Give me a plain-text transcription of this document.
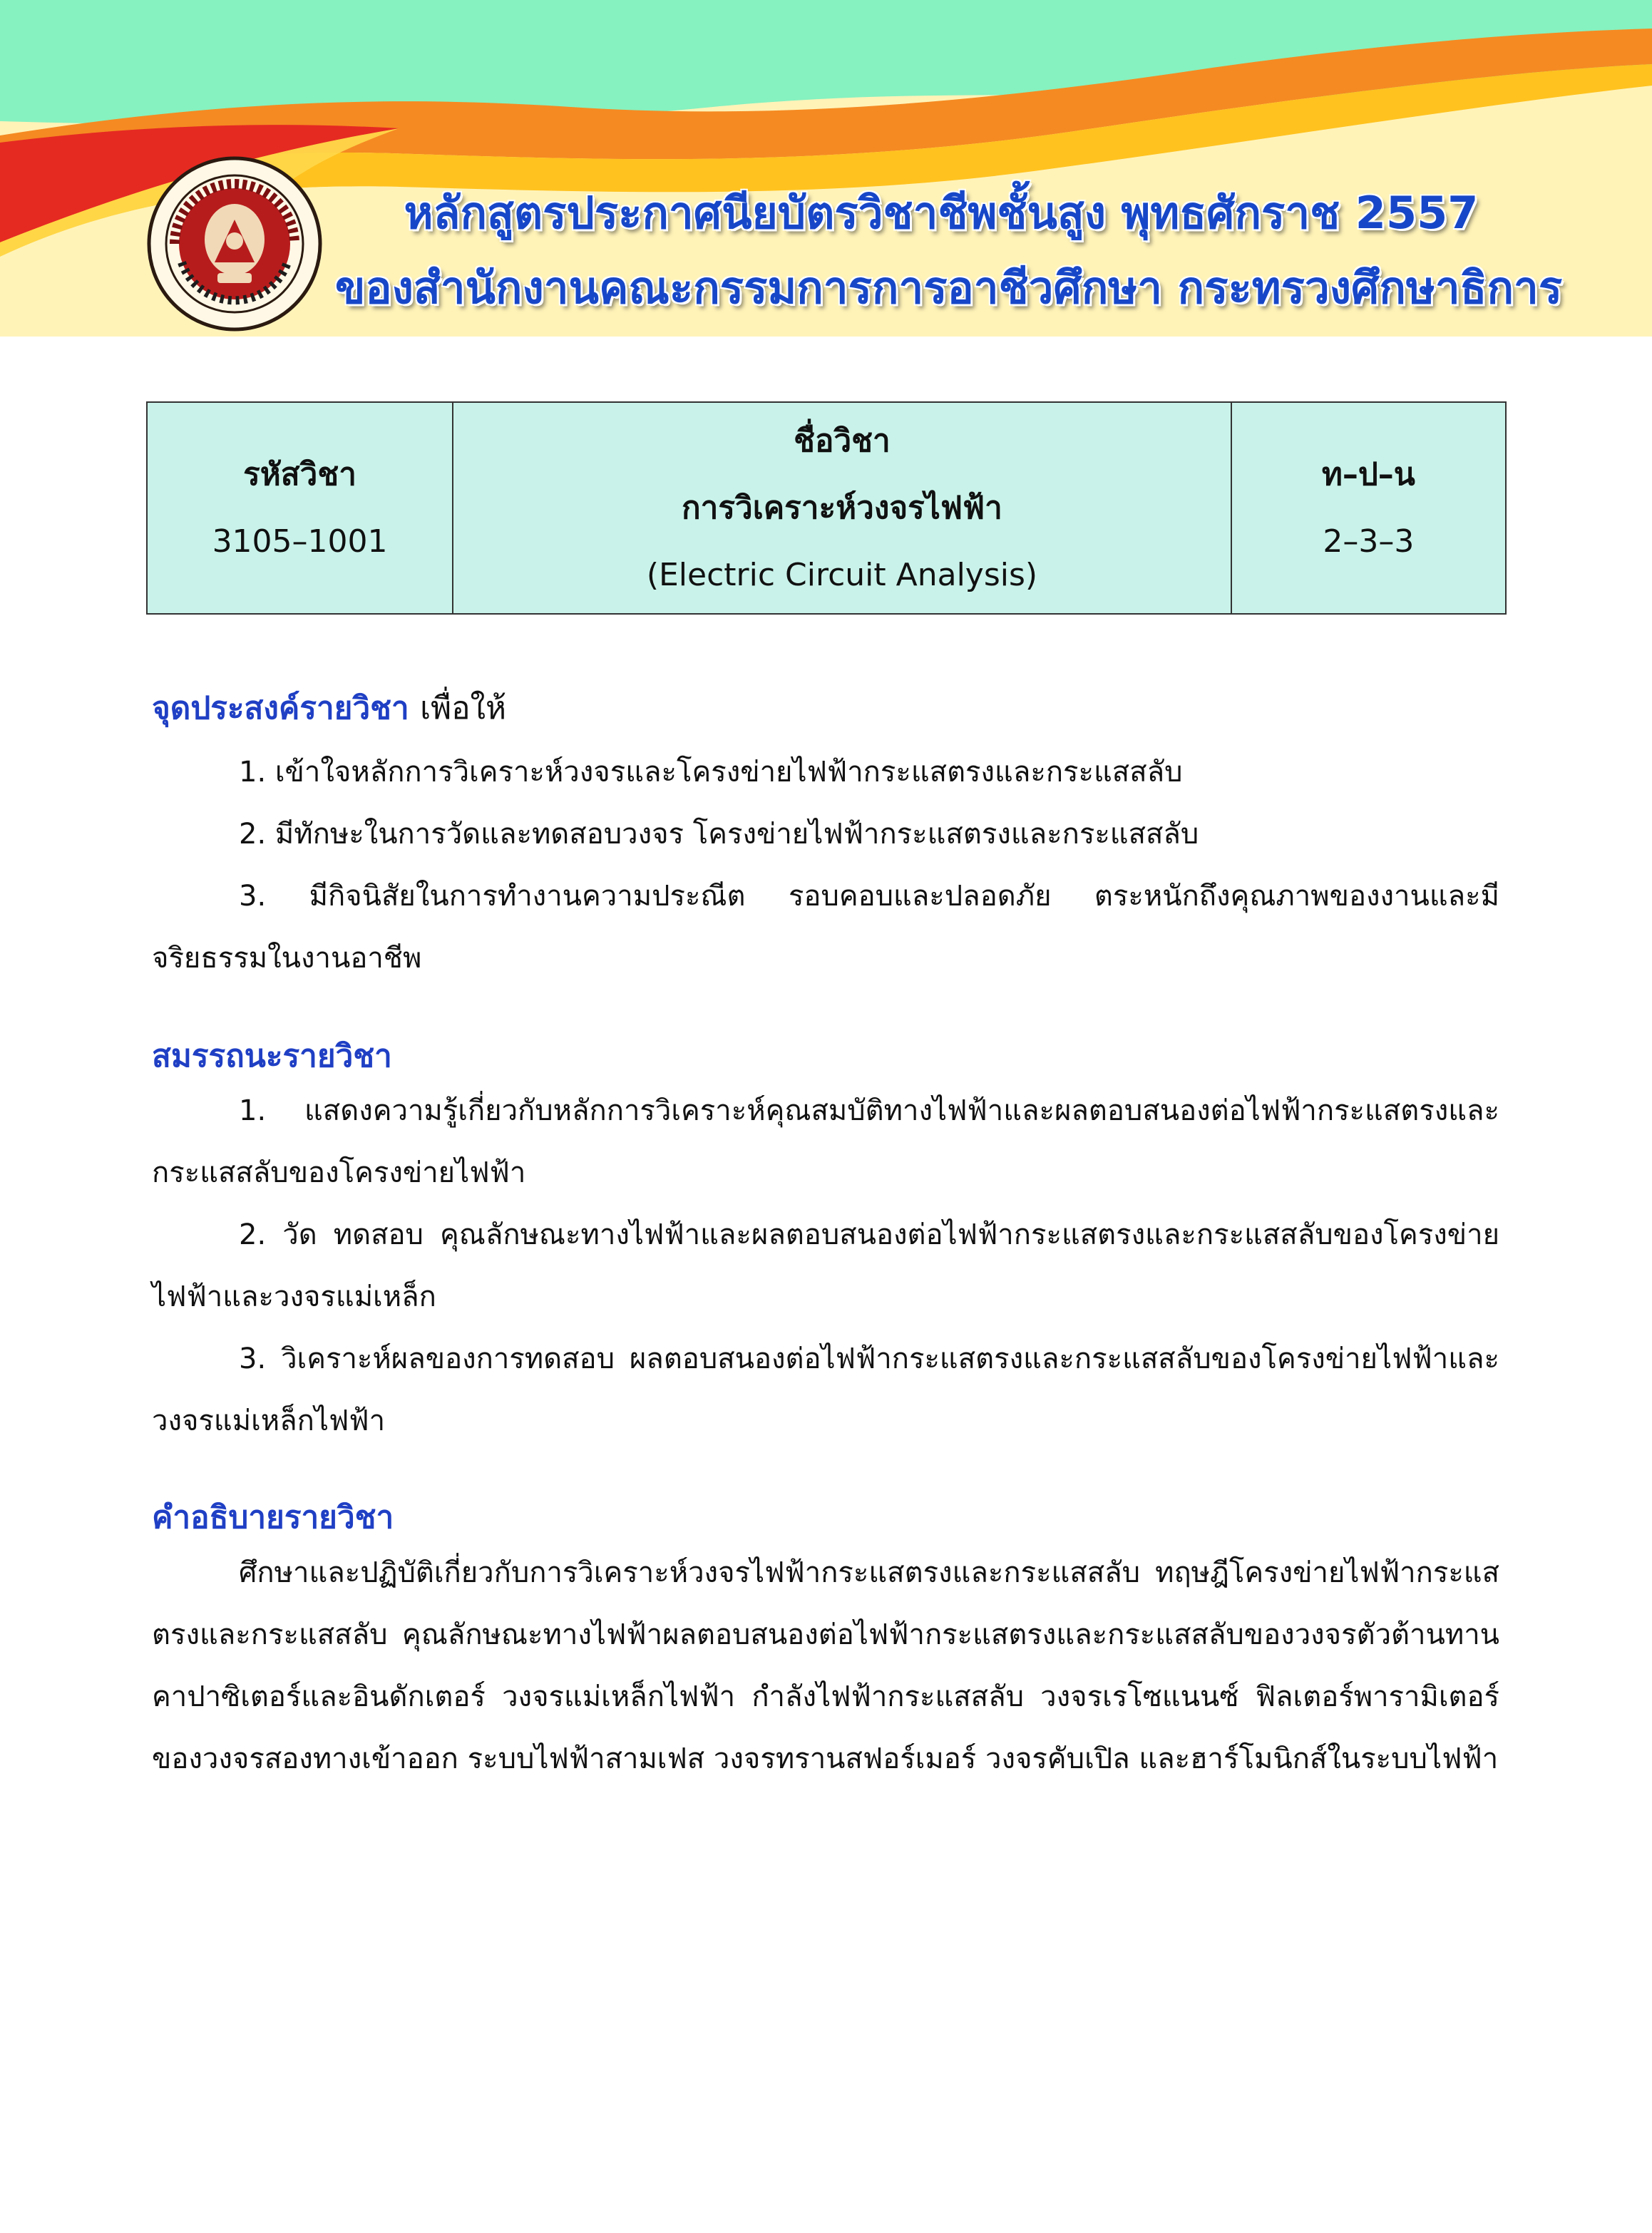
หลักสูตรประกาศนียบัตรวิชาชีพชั้นสูง พุทธศักราช 2557
ของสำนักงานคณะกรรมการการอาชีวศึกษา กระทรวงศึกษาธิการ
รหัสวิชา
3105–1001
ชื่อวิชา
การวิเคราะห์วงจรไฟฟ้า
(Electric Circuit Analysis)
ท–ป–น
2–3–3
จุดประสงค์รายวิชา เพื่อให้
1. เข้าใจหลักการวิเคราะห์วงจรและโครงข่ายไฟฟ้ากระแสตรงและกระแสสลับ
2. มีทักษะในการวัดและทดสอบวงจร โครงข่ายไฟฟ้ากระแสตรงและกระแสสลับ
3. มีกิจนิสัยในการทำงานความประณีต รอบคอบและปลอดภัย ตระหนักถึงคุณภาพของงานและมีจริยธรรมในงานอาชีพ
สมรรถนะรายวิชา
1. แสดงความรู้เกี่ยวกับหลักการวิเคราะห์คุณสมบัติทางไฟฟ้าและผลตอบสนองต่อไฟฟ้ากระแสตรงและกระแสสลับของโครงข่ายไฟฟ้า
2. วัด ทดสอบ คุณลักษณะทางไฟฟ้าและผลตอบสนองต่อไฟฟ้ากระแสตรงและกระแสสลับของโครงข่ายไฟฟ้าและวงจรแม่เหล็ก
3. วิเคราะห์ผลของการทดสอบ ผลตอบสนองต่อไฟฟ้ากระแสตรงและกระแสสลับของโครงข่ายไฟฟ้าและวงจรแม่เหล็กไฟฟ้า
คำอธิบายรายวิชา
ศึกษาและปฏิบัติเกี่ยวกับการวิเคราะห์วงจรไฟฟ้ากระแสตรงและกระแสสลับ ทฤษฎีโครงข่ายไฟฟ้ากระแสตรงและกระแสสลับ คุณลักษณะทางไฟฟ้าผลตอบสนองต่อไฟฟ้ากระแสตรงและกระแสสลับของวงจรตัวต้านทาน คาปาซิเตอร์และอินดักเตอร์ วงจรแม่เหล็กไฟฟ้า กำลังไฟฟ้ากระแสสลับ วงจรเรโซแนนซ์ ฟิลเตอร์พารามิเตอร์ของวงจรสองทางเข้าออก ระบบไฟฟ้าสามเฟส วงจรทรานสฟอร์เมอร์ วงจรคับเปิล และฮาร์โมนิกส์ในระบบไฟฟ้า
